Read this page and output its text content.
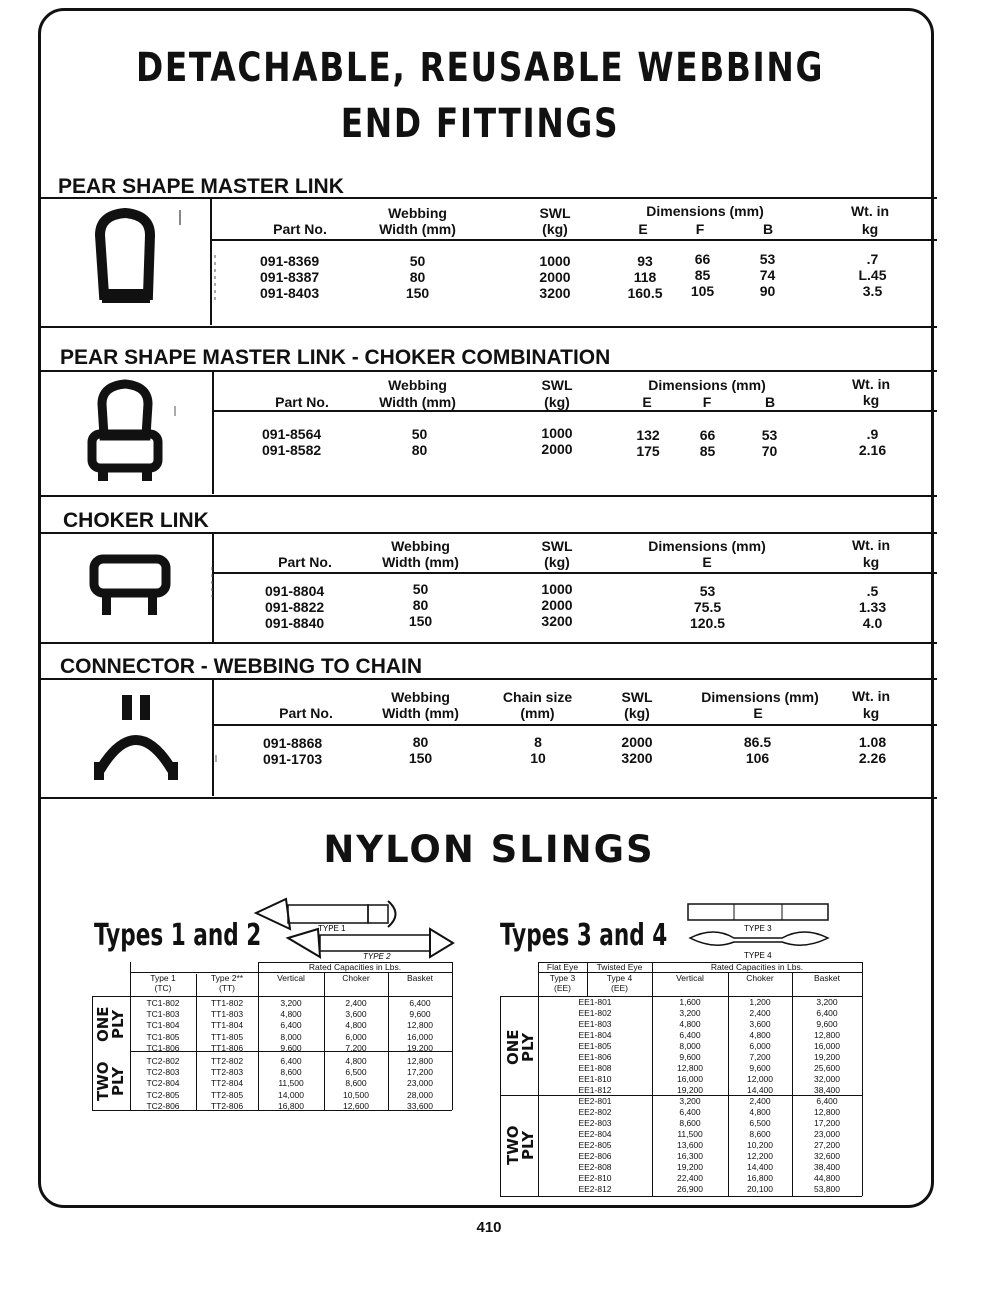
DETACHABLE, REUSABLE WEBBING
END FITTINGS
PEAR SHAPE MASTER LINK
Part No.
Webbing
Width (mm)
SWL
(kg)
Dimensions (mm)
E	F	B
Wt. in
kg
091-8369	50	1000	93	66	53	.7
091-8387	80	2000	118	85	74	L.45
091-8403	150	3200	160.5	105	90	3.5
PEAR SHAPE MASTER LINK - CHOKER COMBINATION
Part No.
Webbing
Width (mm)
SWL
(kg)
Dimensions (mm)
E	F	B
Wt. in
kg
091-8564	50	1000	132	66	53	.9
091-8582	80	2000	175	85	70	2.16
CHOKER LINK
Part No.
Webbing
Width (mm)
SWL
(kg)
Dimensions (mm)
E
Wt. in
kg
091-8804	50	1000	53	.5
091-8822	80	2000	75.5	1.33
091-8840	150	3200	120.5	4.0
CONNECTOR - WEBBING TO CHAIN
Part No.
Webbing
Width (mm)
Chain size
(mm)
SWL
(kg)
Dimensions (mm)
E
Wt. in
kg
091-8868	80	8	2000	86.5	1.08
091-1703	150	10	3200	106	2.26
NYLON SLINGS
Types 1 and 2	TYPE 1
TYPE 2
Rated Capacities in Lbs.
Type 1
(TC)
Type 2**
(TT)
Vertical	Choker	Basket
ONE PLY
TWO PLY
TC1-802	TT1-802	3,200	2,400	6,400
TC1-803	TT1-803	4,800	3,600	9,600
TC1-804	TT1-804	6,400	4,800	12,800
TC1-805	TT1-805	8,000	6,000	16,000
TC1-806	TT1-806	9,600	7,200	19,200
TC2-802	TT2-802	6,400	4,800	12,800
TC2-803	TT2-803	8,600	6,500	17,200
TC2-804	TT2-804	11,500	8,600	23,000
TC2-805	TT2-805	14,000	10,500	28,000
TC2-806	TT2-806	16,800	12,600	33,600
Types 3 and 4	TYPE 3
TYPE 4
Flat Eye	Twisted Eye	Rated Capacities in Lbs.
Type 3
(EE)
Type 4
(EE)
Vertical	Choker	Basket
ONE PLY
TWO PLY
EE1-801	1,600	1,200	3,200
EE1-802	3,200	2,400	6,400
EE1-803	4,800	3,600	9,600
EE1-804	6,400	4,800	12,800
EE1-805	8,000	6,000	16,000
EE1-806	9,600	7,200	19,200
EE1-808	12,800	9,600	25,600
EE1-810	16,000	12,000	32,000
EE1-812	19,200	14,400	38,400
EE2-801	3,200	2,400	6,400
EE2-802	6,400	4,800	12,800
EE2-803	8,600	6,500	17,200
EE2-804	11,500	8,600	23,000
EE2-805	13,600	10,200	27,200
EE2-806	16,300	12,200	32,600
EE2-808	19,200	14,400	38,400
EE2-810	22,400	16,800	44,800
EE2-812	26,900	20,100	53,800
410
